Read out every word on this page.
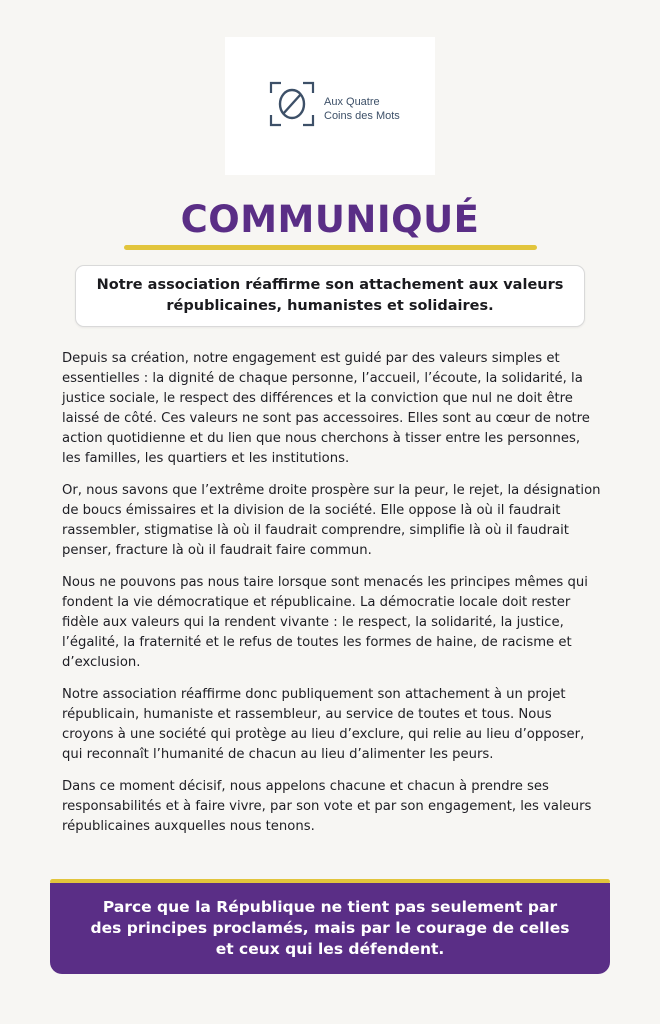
Aux Quatre
Coins des Mots
COMMUNIQUÉ
Notre association réaffirme son attachement aux valeurs républicaines, humanistes et solidaires.

Depuis sa création, notre engagement est guidé par des valeurs simples et essentielles : la dignité de chaque personne, l’accueil, l’écoute, la solidarité, la justice sociale, le respect des différences et la conviction que nul ne doit être laissé de côté. Ces valeurs ne sont pas accessoires. Elles sont au cœur de notre action quotidienne et du lien que nous cherchons à tisser entre les personnes, les familles, les quartiers et les institutions.

Or, nous savons que l’extrême droite prospère sur la peur, le rejet, la désignation de boucs émissaires et la division de la société. Elle oppose là où il faudrait rassembler, stigmatise là où il faudrait comprendre, simplifie là où il faudrait penser, fracture là où il faudrait faire commun.

Nous ne pouvons pas nous taire lorsque sont menacés les principes mêmes qui fondent la vie démocratique et républicaine. La démocratie locale doit rester fidèle aux valeurs qui la rendent vivante : le respect, la solidarité, la justice, l’égalité, la fraternité et le refus de toutes les formes de haine, de racisme et d’exclusion.

Notre association réaffirme donc publiquement son attachement à un projet républicain, humaniste et rassembleur, au service de toutes et tous. Nous croyons à une société qui protège au lieu d’exclure, qui relie au lieu d’opposer, qui reconnaît l’humanité de chacun au lieu d’alimenter les peurs.

Dans ce moment décisif, nous appelons chacune et chacun à prendre ses responsabilités et à faire vivre, par son vote et par son engagement, les valeurs républicaines auxquelles nous tenons.

Parce que la République ne tient pas seulement par des principes proclamés, mais par le courage de celles et ceux qui les défendent.
